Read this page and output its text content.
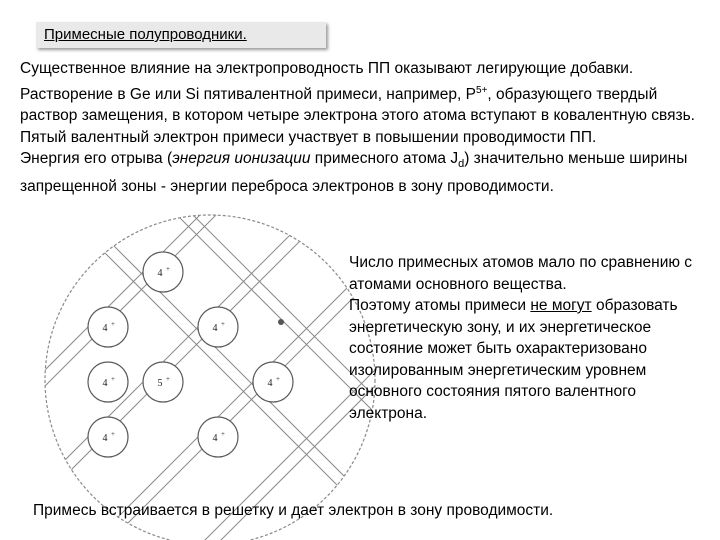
Примесные полупроводники.

Существенное влияние на электропроводность ПП оказывают легирующие добавки. Растворение в Ge или Si пятивалентной примеси, например, $P^{5+}$, образующего твердый раствор замещения, в котором четыре электрона этого атома вступают в ковалентную связь. Пятый валентный электрон примеси участвует в повышении проводимости ПП.

Энергия его отрыва (энергия ионизации примесного атома $J_d$) значительно меньше ширины запрещенной зоны - энергии переброса электронов в зону проводимости.

4 +
4 +	4 +
4 +	5 +	4 +
4 +	4 +

Число примесных атомов мало по сравнению с атомами основного вещества.

Поэтому атомы примеси не могут образовать энергетическую зону, и их энергетическое состояние может быть охарактеризовано изолированным энергетическим уровнем основного состояния пятого валентного электрона.

Примесь встраивается в решетку и дает электрон в зону проводимости.
